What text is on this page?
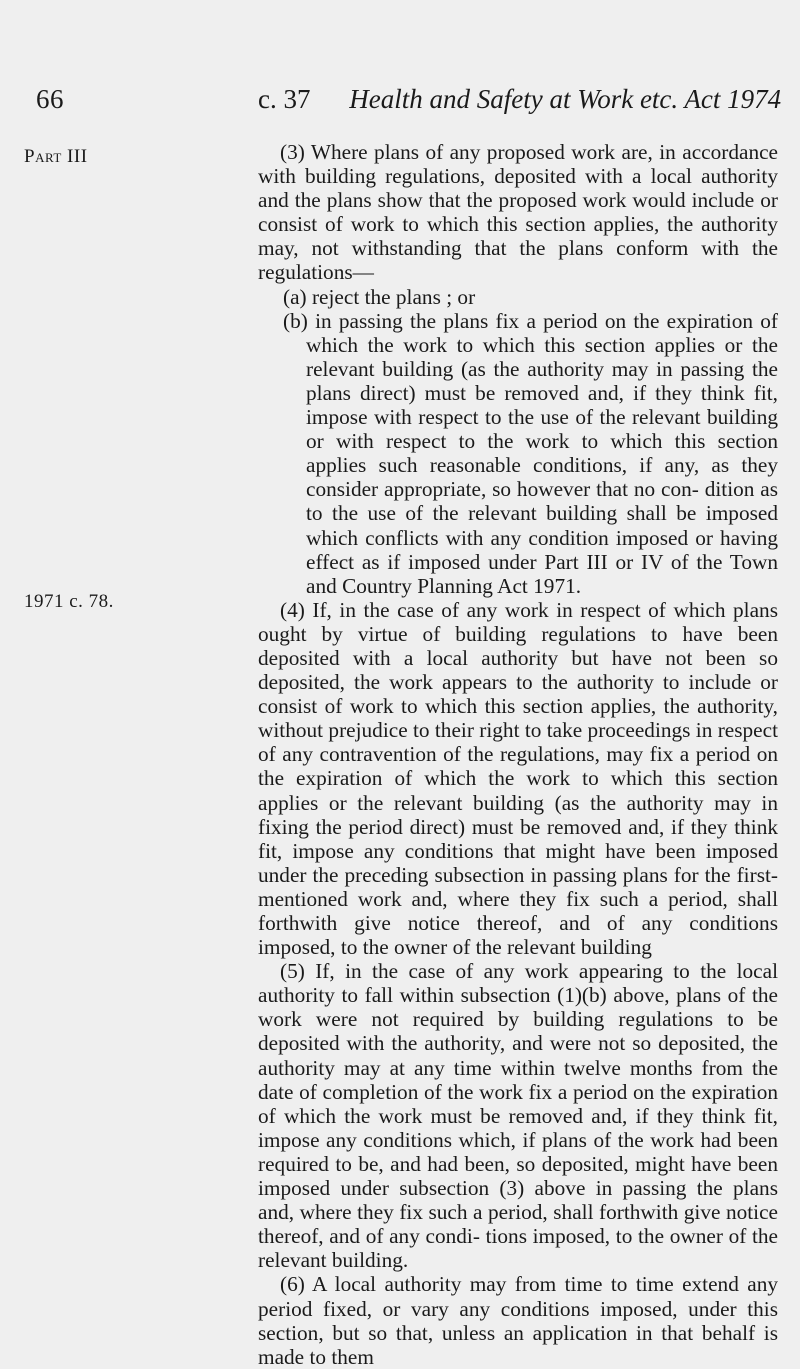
66	c. 37 Health and Safety at Work etc. Act 1974
Part III
1971 c. 78.

(3) Where plans of any proposed work are, in accordance with building regulations, deposited with a local authority and the plans show that the proposed work would include or consist of work to which this section applies, the authority may, not withstanding that the plans conform with the regulations—

(a) reject the plans ; or

(b) in passing the plans fix a period on the expiration of which the work to which this section applies or the relevant building (as the authority may in passing the plans direct) must be removed and, if they think fit, impose with respect to the use of the relevant building or with respect to the work to which this section applies such reasonable conditions, if any, as they consider appropriate, so however that no con- dition as to the use of the relevant building shall be imposed which conflicts with any condition imposed or having effect as if imposed under Part III or IV of the Town and Country Planning Act 1971.

(4) If, in the case of any work in respect of which plans ought by virtue of building regulations to have been deposited with a local authority but have not been so deposited, the work appears to the authority to include or consist of work to which this section applies, the authority, without prejudice to their right to take proceedings in respect of any contravention of the regulations, may fix a period on the expiration of which the work to which this section applies or the relevant building (as the authority may in fixing the period direct) must be removed and, if they think fit, impose any conditions that might have been imposed under the preceding subsection in passing plans for the first-mentioned work and, where they fix such a period, shall forthwith give notice thereof, and of any conditions imposed, to the owner of the relevant building

(5) If, in the case of any work appearing to the local authority to fall within subsection (1)(b) above, plans of the work were not required by building regulations to be deposited with the authority, and were not so deposited, the authority may at any time within twelve months from the date of completion of the work fix a period on the expiration of which the work must be removed and, if they think fit, impose any conditions which, if plans of the work had been required to be, and had been, so deposited, might have been imposed under subsection (3) above in passing the plans and, where they fix such a period, shall forthwith give notice thereof, and of any condi- tions imposed, to the owner of the relevant building.

(6) A local authority may from time to time extend any period fixed, or vary any conditions imposed, under this section, but so that, unless an application in that behalf is made to them
